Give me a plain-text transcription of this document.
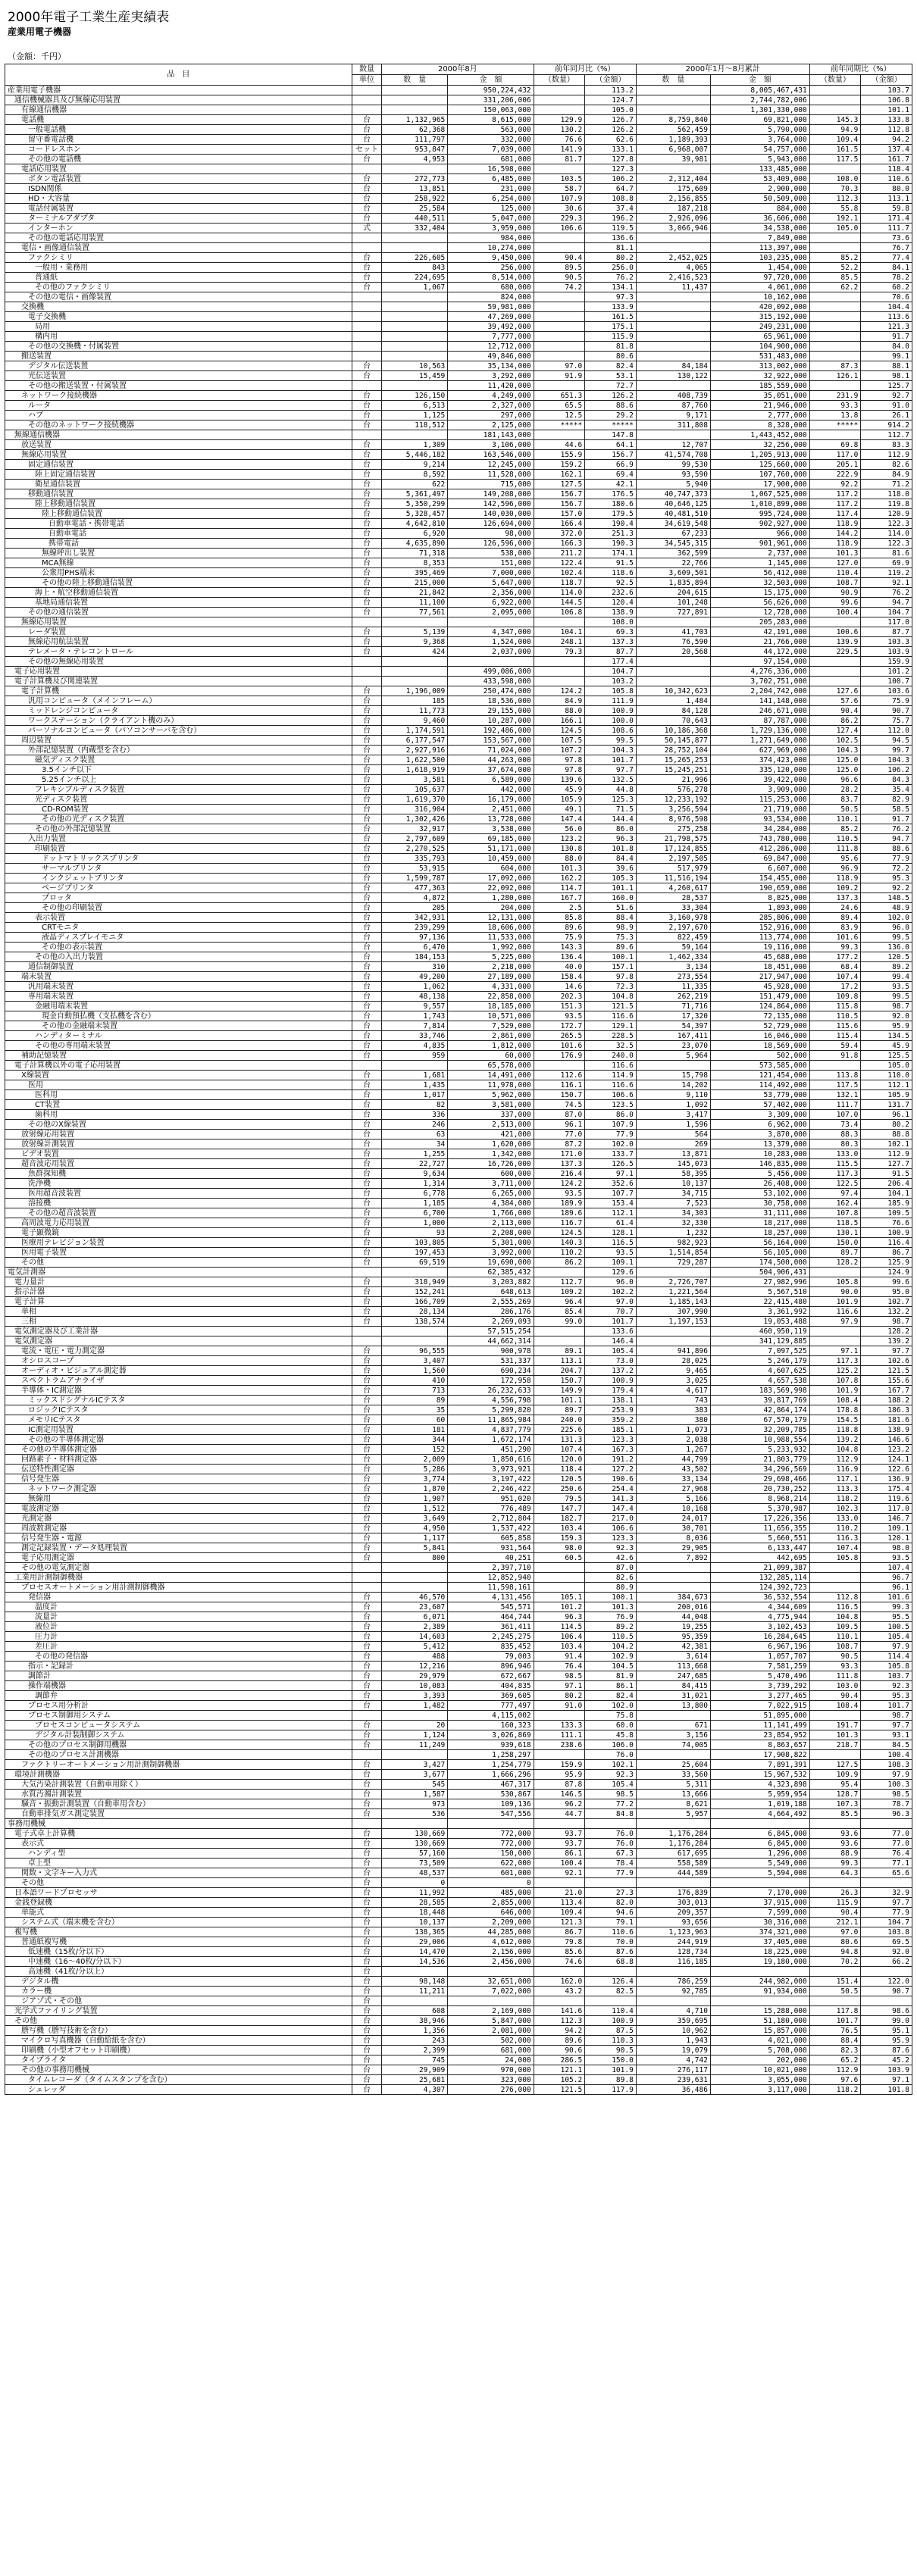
2000年電子工業生産実績表
産業用電子機器
（金額：千円）
品　目	数量	2000年8月		前年同月比（%）		2000年1月～8月累計		前年同期比（%）	
	単位	数　量	金　額	（数量）	（金額）	数　量	金　額	（数量）	（金額）
産業用電子機器			950,224,432		113.2		8,005,467,431		103.7
通信機械器具及び無線応用装置			331,206,006		124.7		2,744,782,006		106.8
有線通信機器			150,063,000		105.0		1,301,330,000		101.1
電話機	台	1,132,965	8,615,000	129.9	126.7	8,759,840	69,821,000	145.3	133.8
一般電話機	台	62,368	563,000	130.2	126.2	562,459	5,790,000	94.9	112.8
留守番電話機	台	111,797	332,000	76.6	62.6	1,189,393	3,764,000	109.4	94.2
コードレスホン	セット	953,847	7,039,000	141.9	133.1	6,968,007	54,757,000	161.5	137.4
その他の電話機	台	4,953	681,000	81.7	127.8	39,981	5,943,000	117.5	161.7
電話応用装置			16,598,000		127.3		133,485,000		118.4
ボタン電話装置	台	272,773	6,485,000	103.5	106.2	2,312,404	53,409,000	108.0	110.6
ISDN関係	台	13,851	231,000	58.7	64.7	175,609	2,900,000	70.3	80.0
HD・大容量	台	258,922	6,254,000	107.9	108.8	2,156,855	50,509,000	112.3	113.1
電話付属装置	台	25,584	125,000	30.6	37.4	187,218	884,000	55.8	59.8
ターミナルアダプタ	台	440,511	5,047,000	229.3	196.2	2,926,096	36,606,000	192.1	171.4
インターホン	式	332,404	3,959,000	106.6	119.5	3,066,946	34,538,000	105.0	111.7
その他の電話応用装置			984,000		136.6		7,849,000		73.6
電信・画像通信装置			10,274,000		81.1		113,397,000		76.7
ファクシミリ	台	226,605	9,450,000	90.4	80.2	2,452,025	103,235,000	85.2	77.4
一般用・業務用	台	843	256,000	89.5	256.0	4,065	1,454,000	52.2	84.1
普通紙	台	224,695	8,514,000	90.5	76.2	2,416,523	97,720,000	85.5	78.2
その他のファクシミリ	台	1,067	680,000	74.2	134.1	11,437	4,061,000	62.2	60.2
その他の電信・画像装置			824,000		97.3		10,162,000		70.6
交換機			59,981,000		133.9		420,092,000		104.4
電子交換機			47,269,000		161.5		315,192,000		113.6
局用			39,492,000		175.1		249,231,000		121.3
構内用			7,777,000		115.9		65,961,000		91.7
その他の交換機・付属装置			12,712,000		81.8		104,900,000		84.0
搬送装置			49,846,000		80.6		531,483,000		99.1
デジタル伝送装置	台	10,563	35,134,000	97.0	82.4	84,184	313,002,000	87.3	88.1
光伝送装置	台	15,459	3,292,000	91.9	53.1	130,122	32,922,000	126.1	98.1
その他の搬送装置・付属装置			11,420,000		72.7		185,559,000		125.7
ネットワーク接続機器	台	126,150	4,249,000	651.3	126.2	408,739	35,051,000	231.9	92.7
ルータ	台	6,513	2,327,000	65.5	88.6	87,760	21,946,000	93.3	91.0
ハブ	台	1,125	297,000	12.5	29.2	9,171	2,777,000	13.8	26.1
その他のネットワーク接続機器	台	118,512	2,125,000	*****	*****	311,808	8,328,000	*****	914.2
無線通信機器			181,143,000		147.8		1,443,452,000		112.7
放送装置	台	1,309	3,106,000	44.6	64.1	12,707	32,256,000	69.8	83.3
無線応用装置	台	5,446,182	163,546,000	155.9	156.7	41,574,708	1,205,913,000	117.0	112.9
固定通信装置	台	9,214	12,245,000	159.2	66.9	99,530	125,660,000	205.1	82.6
陸上固定通信装置	台	8,592	11,528,000	162.1	69.4	93,590	107,760,000	222.9	84.9
衛星通信装置	台	622	715,000	127.5	42.1	5,940	17,900,000	92.2	71.2
移動通信装置	台	5,361,497	149,208,000	156.7	176.5	40,747,373	1,067,525,000	117.2	118.0
陸上移動通信装置	台	5,350,299	142,596,000	156.7	180.6	40,646,125	1,010,899,000	117.2	119.8
陸上移動通信装置	台	5,328,457	140,030,000	157.0	179.5	40,481,510	995,724,000	117.4	120.9
自動車電話・携帯電話	台	4,642,810	126,694,000	166.4	190.4	34,619,548	902,927,000	118.9	122.3
自動車電話	台	6,920	98,000	372.0	251.3	67,233	966,000	144.2	114.0
携帯電話	台	4,635,890	126,596,000	166.3	190.3	34,545,315	901,961,000	118.9	122.3
無線呼出し装置	台	71,318	538,000	211.2	174.1	362,599	2,737,000	101.3	81.6
MCA無線	台	8,353	151,000	122.4	91.5	22,766	1,145,000	127.0	69.9
公衆用PHS端末	台	395,469	7,000,000	102.4	118.6	3,609,501	56,412,000	110.4	119.2
その他の陸上移動通信装置	台	215,000	5,647,000	118.7	92.5	1,835,894	32,503,000	108.7	92.1
海上・航空移動通信装置	台	21,842	2,356,000	114.0	232.6	204,615	15,175,000	90.9	76.2
基地局通信装置	台	11,100	6,922,000	144.5	120.4	101,248	56,626,000	99.6	94.7
その他の通信装置	台	77,561	2,095,000	106.8	138.9	727,891	12,728,000	100.4	104.7
無線応用装置					108.0		205,283,000		117.0
レーダ装置	台	5,139	4,347,000	104.1	69.3	41,703	42,191,000	100.6	87.7
無線応用航法装置	台	9,368	1,524,000	248.1	137.3	76,590	21,766,000	139.9	103.3
テレメータ・テレコントロール	台	424	2,037,000	79.3	87.7	20,568	44,172,000	229.5	103.9
その他の無線応用装置					177.4		97,154,000		159.9
電子応用装置			499,086,000		104.7		4,276,336,000		101.2
電子計算機及び関連装置			433,598,000		103.2		3,702,751,000		100.7
電子計算機	台	1,196,009	250,474,000	124.2	105.8	10,342,623	2,204,742,000	127.6	103.6
汎用コンピュータ（メインフレーム）	台	185	18,536,000	84.9	111.9	1,484	141,148,000	57.6	75.9
ミッドレンジコンピュータ	台	11,773	29,155,000	88.0	100.9	84,128	246,671,000	90.4	90.7
ワークステーション（クライアント機のみ）	台	9,460	10,287,000	166.1	100.0	70,643	87,787,000	86.2	75.7
パーソナルコンピュータ（パソコンサーバを含む）	台	1,174,591	192,486,000	124.5	108.6	10,186,368	1,729,136,000	127.4	112.0
周辺装置	台	6,177,547	153,567,000	107.5	99.5	50,145,877	1,271,649,000	102.5	94.5
外部記憶装置（内蔵型を含む）	台	2,927,916	71,024,000	107.2	104.3	28,752,104	627,969,000	104.3	99.7
磁気ディスク装置	台	1,622,500	44,263,000	97.8	101.7	15,265,253	374,423,000	125.0	104.3
3.5インチ以下	台	1,618,919	37,674,000	97.8	97.7	15,245,251	335,120,000	125.0	106.2
5.25インチ以上	台	3,581	6,589,000	139.6	132.5	21,996	39,422,000	96.6	84.3
フレキシブルディスク装置	台	105,637	442,000	45.9	44.8	576,278	3,909,000	28.2	35.4
光ディスク装置	台	1,619,370	16,179,000	105.9	125.3	12,233,192	115,253,000	83.7	82.9
CD-ROM装置	台	316,904	2,451,000	49.1	71.5	3,256,594	21,719,000	50.5	58.5
その他の光ディスク装置	台	1,302,426	13,728,000	147.4	144.4	8,976,598	93,534,000	110.1	91.7
その他の外部記憶装置	台	32,917	3,538,000	56.0	86.0	275,258	34,284,000	85.2	76.2
入出力装置	台	2,797,609	69,185,000	123.2	96.3	21,798,575	743,780,000	110.5	94.7
印刷装置	台	2,270,525	51,171,000	130.8	101.8	17,124,855	412,286,000	111.8	88.6
ドットマトリックスプリンタ	台	335,793	10,459,000	88.0	84.4	2,197,505	69,847,000	95.6	77.9
サーマルプリンタ	台	53,915	604,000	101.3	39.6	517,979	6,607,000	96.9	72.2
インクジェットプリンタ	台	1,599,787	17,092,000	162.2	105.3	11,516,194	154,455,000	118.9	95.3
ページプリンタ	台	477,363	22,092,000	114.7	101.1	4,260,617	190,659,000	109.2	92.2
プロッタ	台	4,872	1,280,000	167.7	160.0	28,537	8,825,000	137.3	148.5
その他の印刷装置	台	205	204,000	2.5	51.6	33,304	1,893,000	24.6	48.9
表示装置	台	342,931	12,131,000	85.8	88.4	3,160,978	285,806,000	89.4	102.0
CRTモニタ	台	239,299	18,606,000	89.6	98.9	2,197,670	152,916,000	83.9	96.0
液晶ディスプレイモニタ	台	97,136	11,533,000	75.9	75.3	822,459	113,774,000	101.6	99.5
その他の表示装置	台	6,470	1,992,000	143.3	89.6	59,164	19,116,000	99.3	136.0
その他の入出力装置	台	184,153	5,225,000	136.4	100.1	1,462,334	45,688,000	177.2	120.5
通信制御装置	台	310	2,218,000	40.0	157.1	3,134	18,451,000	68.4	89.2
端末装置	台	49,200	27,189,000	158.4	97.8	273,554	217,947,000	107.4	99.4
汎用端末装置	台	1,062	4,331,000	14.6	72.3	11,335	45,928,000	17.2	93.5
専用端末装置	台	48,138	22,858,000	202.3	104.8	262,219	151,479,000	109.8	99.5
金融用端末装置	台	9,557	18,185,000	151.3	121.5	71,716	124,864,000	115.8	98.7
現金自動預払機（支払機を含む）	台	1,743	10,571,000	93.5	116.6	17,320	72,135,000	110.5	92.0
その他の金融端末装置	台	7,814	7,529,000	172.7	129.1	54,397	52,729,000	115.6	95.9
ハンディターミナル	台	33,746	2,861,000	265.5	228.5	167,411	16,046,000	115.4	134.5
その他の専用端末装置	台	4,835	1,812,000	101.6	32.5	23,070	18,569,000	59.4	45.9
補助記憶装置	台	959	60,000	176.9	240.0	5,964	502,000	91.8	125.5
電子計算機以外の電子応用装置			65,578,000		116.6		573,585,000		105.0
X線装置	台	1,681	14,491,000	112.6	114.9	15,798	121,454,000	113.8	110.0
医用	台	1,435	11,978,000	116.1	116.6	14,202	114,492,000	117.5	112.1
医科用	台	1,017	5,962,000	150.7	106.6	9,110	53,779,000	132.1	105.9
CT装置	台	82	3,581,000	74.5	123.5	1,092	57,402,000	111.7	131.7
歯科用	台	336	337,000	87.0	86.0	3,417	3,309,000	107.0	96.1
その他のX線装置	台	246	2,513,000	96.1	107.9	1,596	6,962,000	73.4	80.2
放射線応用装置	台	63	421,000	77.0	77.9	564	3,870,000	88.3	88.8
放射線計測装置	台	34	1,620,000	87.2	102.0	269	13,379,000	80.3	102.1
ビデオ装置	台	1,255	1,342,000	171.0	133.7	13,871	10,283,000	133.0	112.9
超音波応用装置	台	22,727	16,726,000	137.3	126.5	145,073	146,835,000	115.5	127.7
魚群探知機	台	9,634	600,000	216.4	97.1	58,395	5,456,000	117.3	91.5
洗浄機	台	1,314	3,711,000	124.2	352.6	10,137	26,408,000	122.5	206.4
医用超音波装置	台	6,778	6,265,000	93.5	107.7	34,715	53,102,000	97.4	104.1
溶接機	台	1,185	4,384,000	189.9	153.4	7,523	30,758,000	162.4	185.9
その他の超音波装置	台	6,700	1,766,000	189.6	112.1	34,303	31,111,000	107.8	109.5
高周波電力応用装置	台	1,000	2,113,000	116.7	61.4	32,330	18,217,000	118.5	76.6
電子顕微鏡	台	93	2,208,000	124.5	128.1	1,232	18,257,000	130.1	100.9
医療用テレビジョン装置	台	103,805	5,301,000	140.3	116.5	982,923	56,164,000	150.0	116.4
医用電子装置	台	197,453	3,992,000	110.2	93.5	1,514,854	56,105,000	89.7	86.7
その他	台	69,519	19,690,000	86.2	109.1	729,287	174,500,000	128.2	125.9
電気計測器			62,385,432		129.6		504,906,431		124.9
電力量計	台	318,949	3,203,882	112.7	96.0	2,726,707	27,982,996	105.8	99.6
指示計器	台	152,241	648,613	109.2	102.2	1,221,564	5,567,510	90.0	95.0
電子計算	台	166,709	2,555,269	96.4	97.0	1,185,143	22,415,480	101.9	102.7
単相	台	28,134	286,176	85.4	70.7	307,990	3,361,992	116.6	132.2
三相	台	138,574	2,269,093	99.0	101.7	1,197,153	19,053,488	97.9	98.7
電気測定器及び工業計器			57,515,254		133.6		460,950,119		128.2
電気測定器			44,662,314		146.4		341,129,885		139.2
電流・電圧・電力測定器	台	96,555	900,978	89.1	105.4	941,896	7,097,525	97.1	97.7
オシロスコープ	台	3,407	531,337	113.1	73.0	28,025	5,246,179	117.3	102.6
オーディオ・ビジュアル測定器	台	1,560	690,234	204.7	137.2	9,465	4,607,625	125.2	121.5
スペクトラムアナライザ	台	410	172,958	150.7	100.9	3,025	4,657,538	107.8	155.6
半導体・IC測定器	台	713	26,232,633	149.9	179.4	4,617	183,569,998	101.9	167.7
ミックスドシグナルICテスタ	台	89	4,556,798	101.1	138.1	743	39,817,769	108.4	188.2
ロジックICテスタ	台	35	5,299,820	89.7	253.9	383	42,864,174	178.8	186.3
メモリICテスタ	台	60	11,865,984	240.0	359.2	380	67,570,179	154.5	181.6
IC測定用装置	台	181	4,837,779	225.6	185.1	1,073	32,209,785	118.8	138.9
その他の半導体測定器	台	344	1,672,174	131.3	123.3	2,038	10,988,554	139.2	146.6
その他の半導体測定器	台	152	451,290	107.4	167.3	1,267	5,233,932	104.8	123.2
回路素子・材料測定器	台	2,009	1,850,616	120.0	191.2	44,799	21,803,779	112.9	124.1
伝送特性測定器	台	5,286	3,973,921	118.4	127.2	43,502	34,296,569	116.9	122.6
信号発生器	台	3,774	3,197,422	120.5	190.6	33,134	29,698,466	117.1	136.9
ネットワーク測定器	台	1,870	2,246,422	250.6	254.4	27,968	20,730,252	113.3	175.4
無線用	台	1,907	951,020	79.5	141.3	5,166	8,968,214	118.2	119.6
電波測定器	台	1,512	776,489	147.7	147.4	10,168	5,370,987	102.3	117.0
光測定器	台	3,649	2,712,804	182.7	217.0	24,017	17,226,356	133.0	146.7
周波数測定器	台	4,950	1,537,422	103.4	106.6	30,701	11,656,355	110.2	109.1
信号発生器・電源	台	1,117	605,858	159.3	123.3	8,036	5,660,551	116.3	120.1
測定記録装置・データ処理装置	台	5,841	931,564	98.0	92.3	29,905	6,133,447	107.4	98.0
電子応用測定器	台	800	40,251	60.5	42.6	7,892	442,695	105.8	93.5
その他の電気測定器			2,397,710		87.0		21,099,387		107.4
工業用計測制御機器			12,852,940		82.6		132,285,114		96.7
プロセスオートメーション用計測制御機器			11,598,161		80.9		124,392,723		96.1
発信器	台	46,570	4,131,456	105.1	100.1	384,673	36,532,554	112.8	101.6
温度計	台	23,607	545,571	101.2	101.3	200,016	4,344,609	116.5	99.3
流量計	台	6,071	464,744	96.3	76.9	44,048	4,775,944	104.8	95.5
液位計	台	2,389	361,411	114.5	89.2	19,255	3,102,453	109.5	100.5
圧力計	台	14,603	2,245,275	106.4	110.5	95,359	16,284,645	110.1	105.4
差圧計	台	5,412	835,452	103.4	104.2	42,381	6,967,196	108.7	97.9
その他の発信器	台	488	79,003	91.4	102.9	3,614	1,057,707	90.5	114.4
指示・記録計	台	12,216	896,946	76.4	104.5	113,668	7,581,259	93.3	105.8
調節計	台	29,979	672,667	98.5	81.9	247,685	5,470,496	111.8	103.7
操作端機器	台	10,083	404,835	97.1	86.1	84,415	3,739,292	103.0	92.3
調節弁	台	3,393	369,605	80.2	82.4	31,021	3,277,465	90.4	95.3
プロセス用分析計	台	1,482	777,497	91.0	102.0	13,800	7,022,915	108.4	101.7
プロセス制御用システム			4,115,002		75.8		51,895,000		98.7
プロセスコンピュータシステム	台	20	160,323	133.3	60.0	671	11,141,499	191.7	97.7
デジタル計装制御システム	台	1,124	3,026,869	111.1	45.8	3,156	23,854,952	101.3	93.1
その他のプロセス制御用機器	台	11,249	939,618	238.6	106.0	74,005	8,863,657	218.7	84.5
その他のプロセス計測機器			1,258,297		76.0		17,908,822		100.4
ファクトリーオートメーション用計測制御機器	台	3,427	1,254,779	159.9	102.1	25,604	7,891,391	127.5	108.3
環境計測機器	台	3,677	1,666,296	95.9	92.3	33,560	15,967,532	109.9	97.9
大気汚染計測装置（自動車用除く）	台	545	467,317	87.8	105.4	5,311	4,323,898	95.4	100.3
水質汚濁計測装置	台	1,587	530,867	146.5	98.5	13,666	5,959,954	128.7	98.5
騒音・振動計測装置（自動車用含む）	台	973	109,136	96.2	77.2	8,621	1,019,188	107.3	78.7
自動車排気ガス測定装置	台	536	547,556	44.7	84.8	5,957	4,664,492	85.5	96.3
事務用機械									
電子式卓上計算機	台	130,669	772,000	93.7	76.0	1,176,284	6,845,000	93.6	77.0
表示式	台	130,669	772,000	93.7	76.0	1,176,284	6,845,000	93.6	77.0
ハンディ型	台	57,160	150,000	86.1	67.3	617,695	1,296,000	88.9	76.4
卓上型	台	73,509	622,000	100.4	78.4	558,589	5,549,000	99.3	77.1
関数・文字キー入力式	台	48,537	601,000	92.1	77.9	444,589	5,594,000	64.3	65.6
その他	台	0	0						
日本語ワードプロセッサ	台	11,992	485,000	21.0	27.3	176,839	7,170,000	26.3	32.9
金銭登録機	台	28,585	2,855,000	113.4	82.0	303,013	37,915,000	115.9	97.7
単能式	台	18,448	646,000	109.4	94.6	209,357	7,599,000	90.4	77.9
システム式（端末機を含む）	台	10,137	2,209,000	121.3	79.1	93,656	30,316,000	212.1	104.7
複写機	台	138,365	44,285,000	86.7	110.6	1,123,963	374,321,000	97.0	103.8
普通紙複写機	台	29,006	4,612,000	79.8	70.0	244,919	37,405,000	80.6	69.5
低速機（15枚/分以下）	台	14,470	2,156,000	85.6	87.6	128,734	18,225,000	94.8	92.0
中速機（16～40枚/分以下）	台	14,536	2,456,000	74.6	68.8	116,185	19,180,000	70.2	66.2
高速機（41枚/分以上）	台								
デジタル機	台	98,148	32,651,000	162.0	126.4	786,259	244,982,000	151.4	122.0
カラー機	台	11,211	7,022,000	43.2	82.5	92,785	91,934,000	50.5	90.7
ジアゾ式・その他	台								
光学式ファイリング装置	台	608	2,169,000	141.6	110.4	4,710	15,288,000	117.8	98.6
その他	台	38,946	5,847,000	112.3	100.9	359,695	51,180,000	101.7	99.0
謄写機（謄写技術を含む）	台	1,356	2,081,000	94.2	87.5	10,962	15,857,000	76.5	95.1
マイクロ写真機器（自動給紙を含む）	台	243	502,000	89.6	110.3	1,943	4,021,000	88.4	95.9
印刷機（小型オフセット印刷機）	台	2,399	681,000	90.6	90.5	19,079	5,708,000	82.3	87.6
タイプライタ	台	745	24,000	286.5	150.0	4,742	202,000	65.2	45.2
その他の事務用機械	台	29,909	970,000	121.1	101.9	276,117	10,021,000	112.9	103.9
タイムレコーダ（タイムスタンプを含む）	台	25,681	323,000	105.2	89.8	239,631	3,055,000	97.6	97.1
シュレッダ	台	4,307	276,000	121.5	117.9	36,486	3,117,000	118.2	101.8
